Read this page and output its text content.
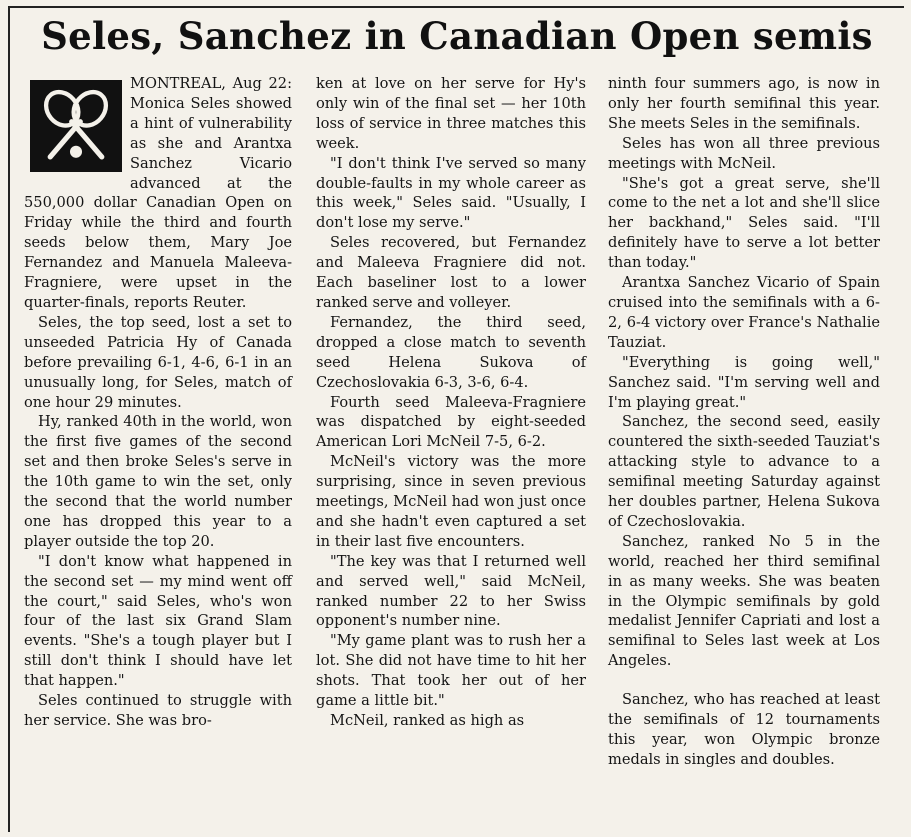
Seles, Sanchez in Canadian Open semis

MONTREAL, Aug 22: Monica Seles showed a hint of vulnerability as she and Arantxa Sanchez Vicario advanced at the 550,000 dollar Canadian Open on Friday while the third and fourth seeds below them, Mary Joe Fernandez and Manuela Maleeva-Fragniere, were upset in the quarter-finals, reports Reuter.

Seles, the top seed, lost a set to unseeded Patricia Hy of Canada before prevailing 6-1, 4-6, 6-1 in an unusually long, for Seles, match of one hour 29 minutes.

Hy, ranked 40th in the world, won the first five games of the second set and then broke Seles's serve in the 10th game to win the set, only the second that the world number one has dropped this year to a player outside the top 20.

"I don't know what happened in the second set — my mind went off the court," said Seles, who's won four of the last six Grand Slam events. "She's a tough player but I still don't think I should have let that happen."

Seles continued to struggle with her service. She was bro-

ken at love on her serve for Hy's only win of the final set — her 10th loss of service in three matches this week.

"I don't think I've served so many double-faults in my whole career as this week," Seles said. "Usually, I don't lose my serve."

Seles recovered, but Fernandez and Maleeva Fragniere did not. Each baseliner lost to a lower ranked serve and volleyer.

Fernandez, the third seed, dropped a close match to seventh seed Helena Sukova of Czechoslovakia 6-3, 3-6, 6-4.

Fourth seed Maleeva-Fragniere was dispatched by eight-seeded American Lori McNeil 7-5, 6-2.

McNeil's victory was the more surprising, since in seven previous meetings, McNeil had won just once and she hadn't even captured a set in their last five encounters.

"The key was that I returned well and served well," said McNeil, ranked number 22 to her Swiss opponent's number nine.

"My game plant was to rush her a lot. She did not have time to hit her shots. That took her out of her game a little bit."

McNeil, ranked as high as

ninth four summers ago, is now in only her fourth semifinal this year. She meets Seles in the semifinals.

Seles has won all three previous meetings with McNeil.

"She's got a great serve, she'll come to the net a lot and she'll slice her backhand," Seles said. "I'll definitely have to serve a lot better than today."

Arantxa Sanchez Vicario of Spain cruised into the semifinals with a 6-2, 6-4 victory over France's Nathalie Tauziat.

"Everything is going well," Sanchez said. "I'm serving well and I'm playing great."

Sanchez, the second seed, easily countered the sixth-seeded Tauziat's attacking style to advance to a semifinal meeting Saturday against her doubles partner, Helena Sukova of Czechoslovakia.

Sanchez, ranked No 5 in the world, reached her third semifinal in as many weeks. She was beaten in the Olympic semifinals by gold medalist Jennifer Capriati and lost a semifinal to Seles last week at Los Angeles.

Sanchez, who has reached at least the semifinals of 12 tournaments this year, won Olympic bronze medals in singles and doubles.
